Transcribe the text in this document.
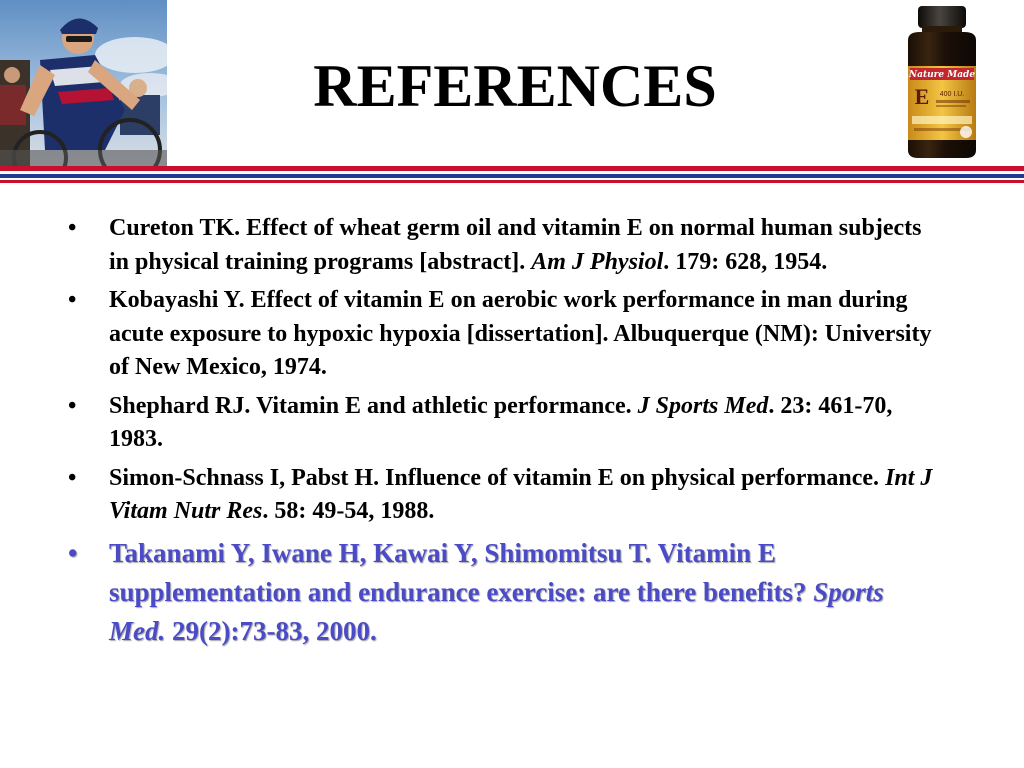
REFERENCES	Nature Made
E 400 I.U.
• Cureton TK. Effect of wheat germ oil and vitamin E on normal human subjects in physical training programs [abstract]. Am J Physiol. 179: 628, 1954.
• Kobayashi Y. Effect of vitamin E on aerobic work performance in man during acute exposure to hypoxic hypoxia [dissertation]. Albuquerque (NM): University of New Mexico, 1974.
• Shephard RJ. Vitamin E and athletic performance. J Sports Med. 23: 461-70, 1983.
• Simon-Schnass I, Pabst H. Influence of vitamin E on physical performance. Int J Vitam Nutr Res. 58: 49-54, 1988.
• Takanami Y, Iwane H, Kawai Y, Shimomitsu T. Vitamin E supplementation and endurance exercise: are there benefits? Sports Med. 29(2):73-83, 2000.
